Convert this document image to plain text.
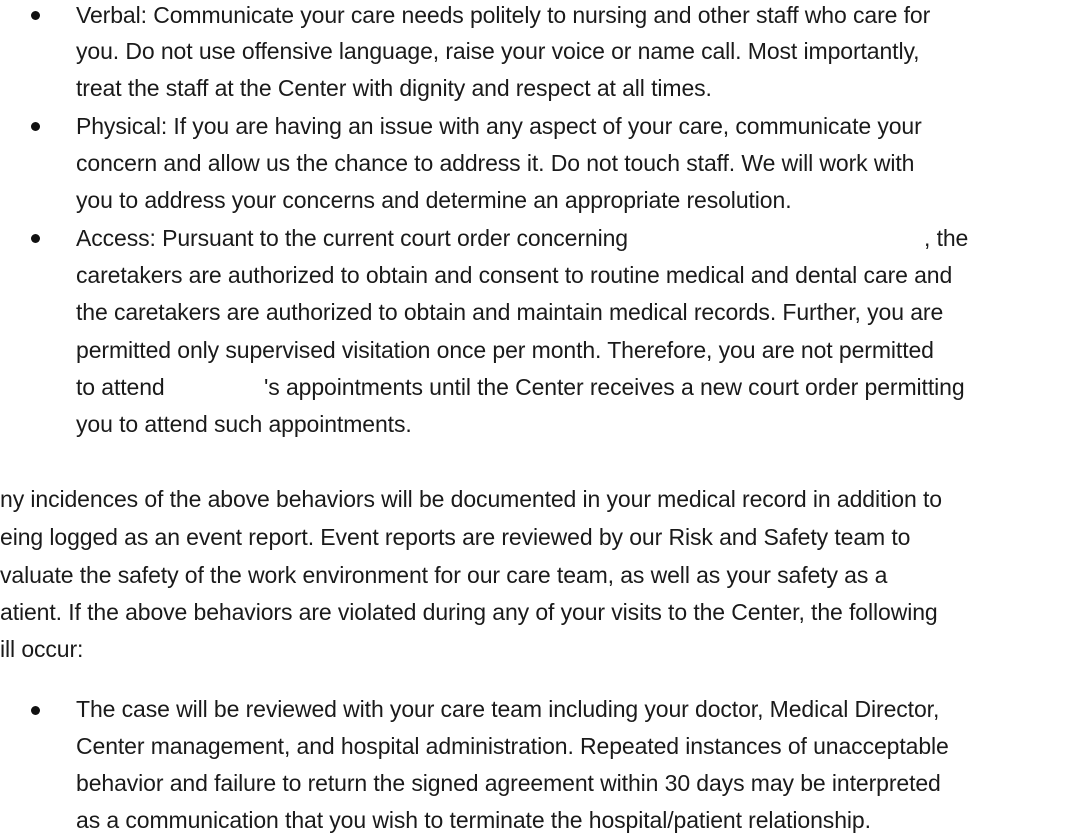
Verbal: Communicate your care needs politely to nursing and other staff who care for
you. Do not use offensive language, raise your voice or name call. Most importantly,
treat the staff at the Center with dignity and respect at all times.
Physical: If you are having an issue with any aspect of your care, communicate your
concern and allow us the chance to address it. Do not touch staff. We will work with
you to address your concerns and determine an appropriate resolution.
Access: Pursuant to the current court order concerning	, the
caretakers are authorized to obtain and consent to routine medical and dental care and
the caretakers are authorized to obtain and maintain medical records. Further, you are
permitted only supervised visitation once per month. Therefore, you are not permitted
to attend	's appointments until the Center receives a new court order permitting
you to attend such appointments.
ny incidences of the above behaviors will be documented in your medical record in addition to
eing logged as an event report. Event reports are reviewed by our Risk and Safety team to
valuate the safety of the work environment for our care team, as well as your safety as a
atient. If the above behaviors are violated during any of your visits to the Center, the following
ill occur:
The case will be reviewed with your care team including your doctor, Medical Director,
Center management, and hospital administration. Repeated instances of unacceptable
behavior and failure to return the signed agreement within 30 days may be interpreted
as a communication that you wish to terminate the hospital/patient relationship.
